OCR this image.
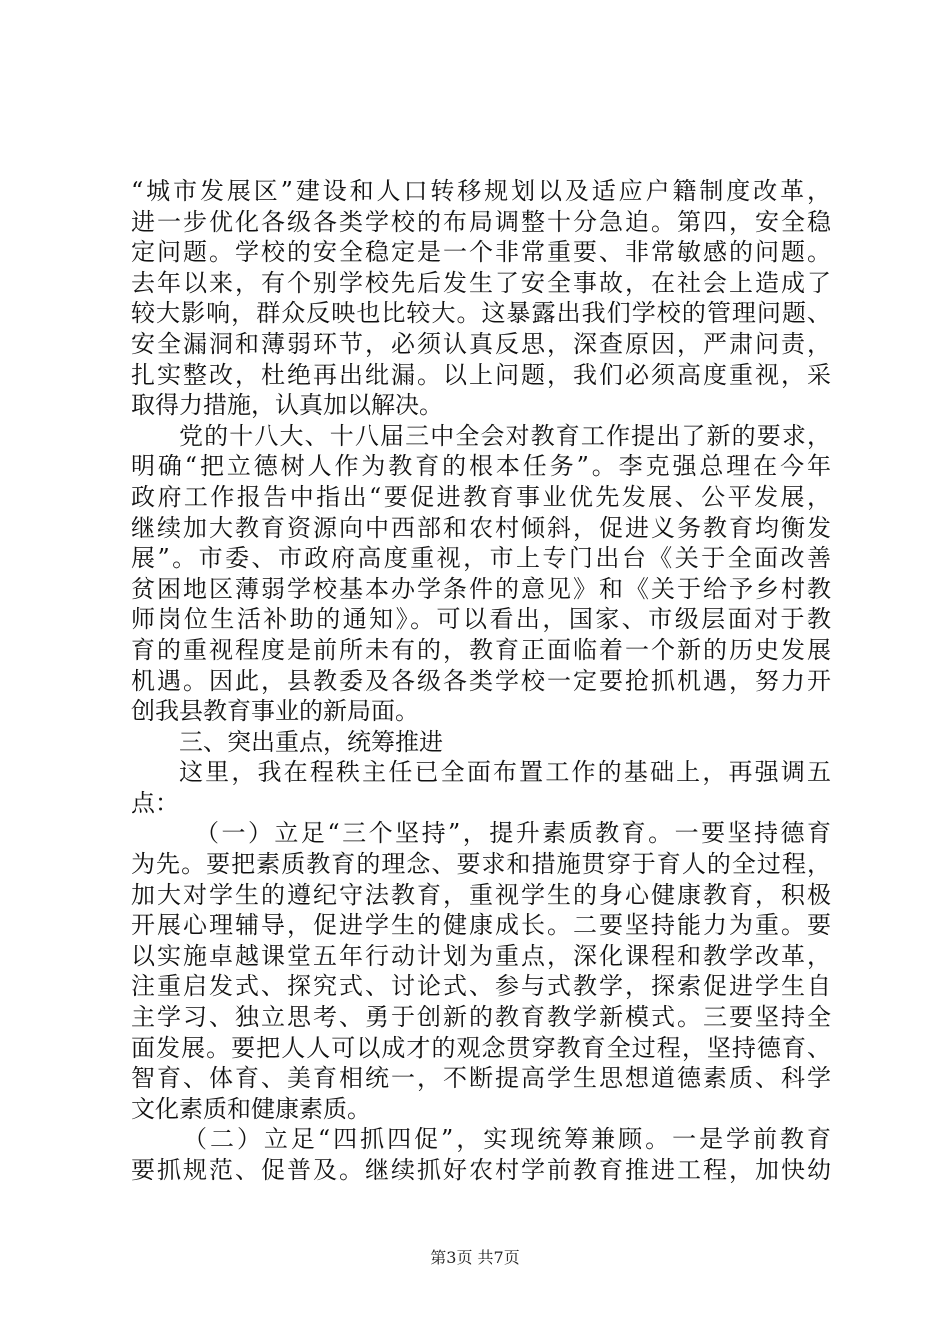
“城市发展区”建设和人口转移规划以及适应户籍制度改革，
进一步优化各级各类学校的布局调整十分急迫。第四，安全稳
定问题。学校的安全稳定是一个非常重要、非常敏感的问题。
去年以来，有个别学校先后发生了安全事故，在社会上造成了
较大影响，群众反映也比较大。这暴露出我们学校的管理问题、
安全漏洞和薄弱环节，必须认真反思，深查原因，严肃问责，
扎实整改，杜绝再出纰漏。以上问题，我们必须高度重视，采
取得力措施，认真加以解决。
党的十八大、十八届三中全会对教育工作提出了新的要求，
明确“把立德树人作为教育的根本任务”。李克强总理在今年
政府工作报告中指出“要促进教育事业优先发展、公平发展，
继续加大教育资源向中西部和农村倾斜，促进义务教育均衡发
展”。市委、市政府高度重视，市上专门出台《关于全面改善
贫困地区薄弱学校基本办学条件的意见》和《关于给予乡村教
师岗位生活补助的通知》。可以看出，国家、市级层面对于教
育的重视程度是前所未有的，教育正面临着一个新的历史发展
机遇。因此，县教委及各级各类学校一定要抢抓机遇，努力开
创我县教育事业的新局面。
三、突出重点，统筹推进
这里，我在程秩主任已全面布置工作的基础上，再强调五
点：
（一）立足“三个坚持”，提升素质教育。一要坚持德育
为先。要把素质教育的理念、要求和措施贯穿于育人的全过程，
加大对学生的遵纪守法教育，重视学生的身心健康教育，积极
开展心理辅导，促进学生的健康成长。二要坚持能力为重。要
以实施卓越课堂五年行动计划为重点，深化课程和教学改革，
注重启发式、探究式、讨论式、参与式教学，探索促进学生自
主学习、独立思考、勇于创新的教育教学新模式。三要坚持全
面发展。要把人人可以成才的观念贯穿教育全过程，坚持德育、
智育、体育、美育相统一，不断提高学生思想道德素质、科学
文化素质和健康素质。
（二）立足“四抓四促”，实现统筹兼顾。一是学前教育
要抓规范、促普及。继续抓好农村学前教育推进工程，加快幼
第3页 共7页
